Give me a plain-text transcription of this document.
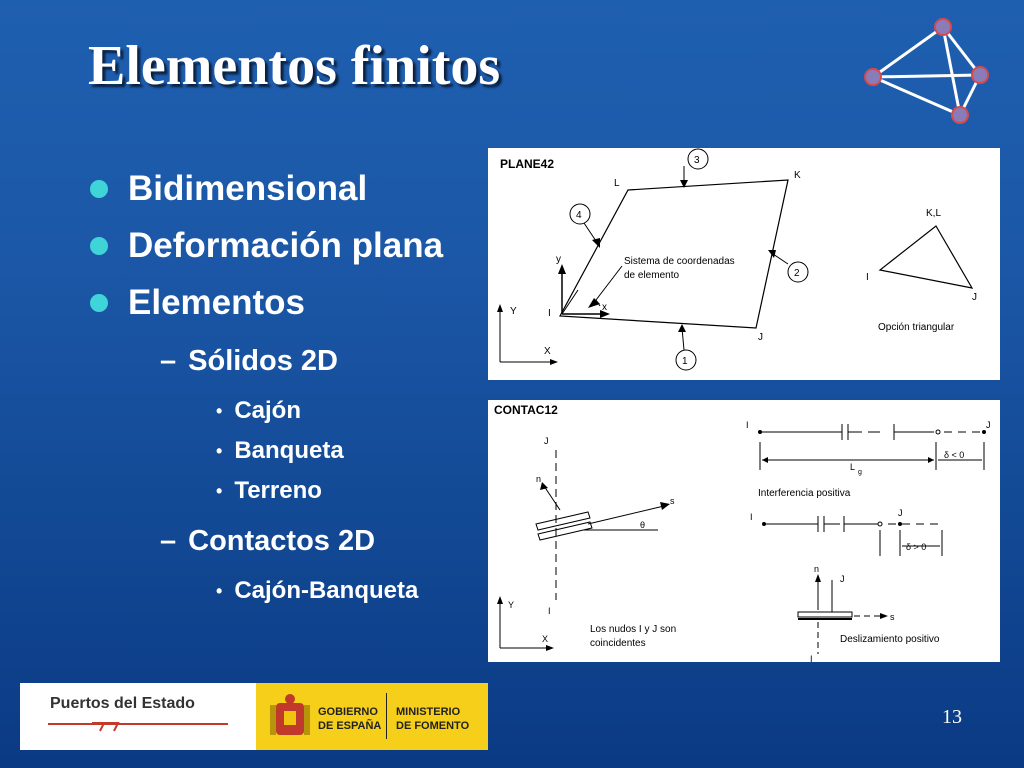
Elementos finitos
Bidimensional
Deformación plana
Elementos
– Sólidos 2D
• Cajón
• Banqueta
• Terreno
– Contactos 2D
• Cajón-Banqueta
PLANE42
L
K
I
J
3
4
2
1
y
x
Sistema de coordenadas
de elemento
Y
X
K,L
I
J
Opción triangular
CONTAC12
J
I
n
s
θ
Y
X
Los nudos I y J son
coincidentes
I	J
δ < 0
L
g
Interferencia positiva
I	J
δ > 0
n
J
s
I
Deslizamiento positivo
Puertos del Estado	GOBIERNO
DE ESPAÑA
MINISTERIO
DE FOMENTO	13
